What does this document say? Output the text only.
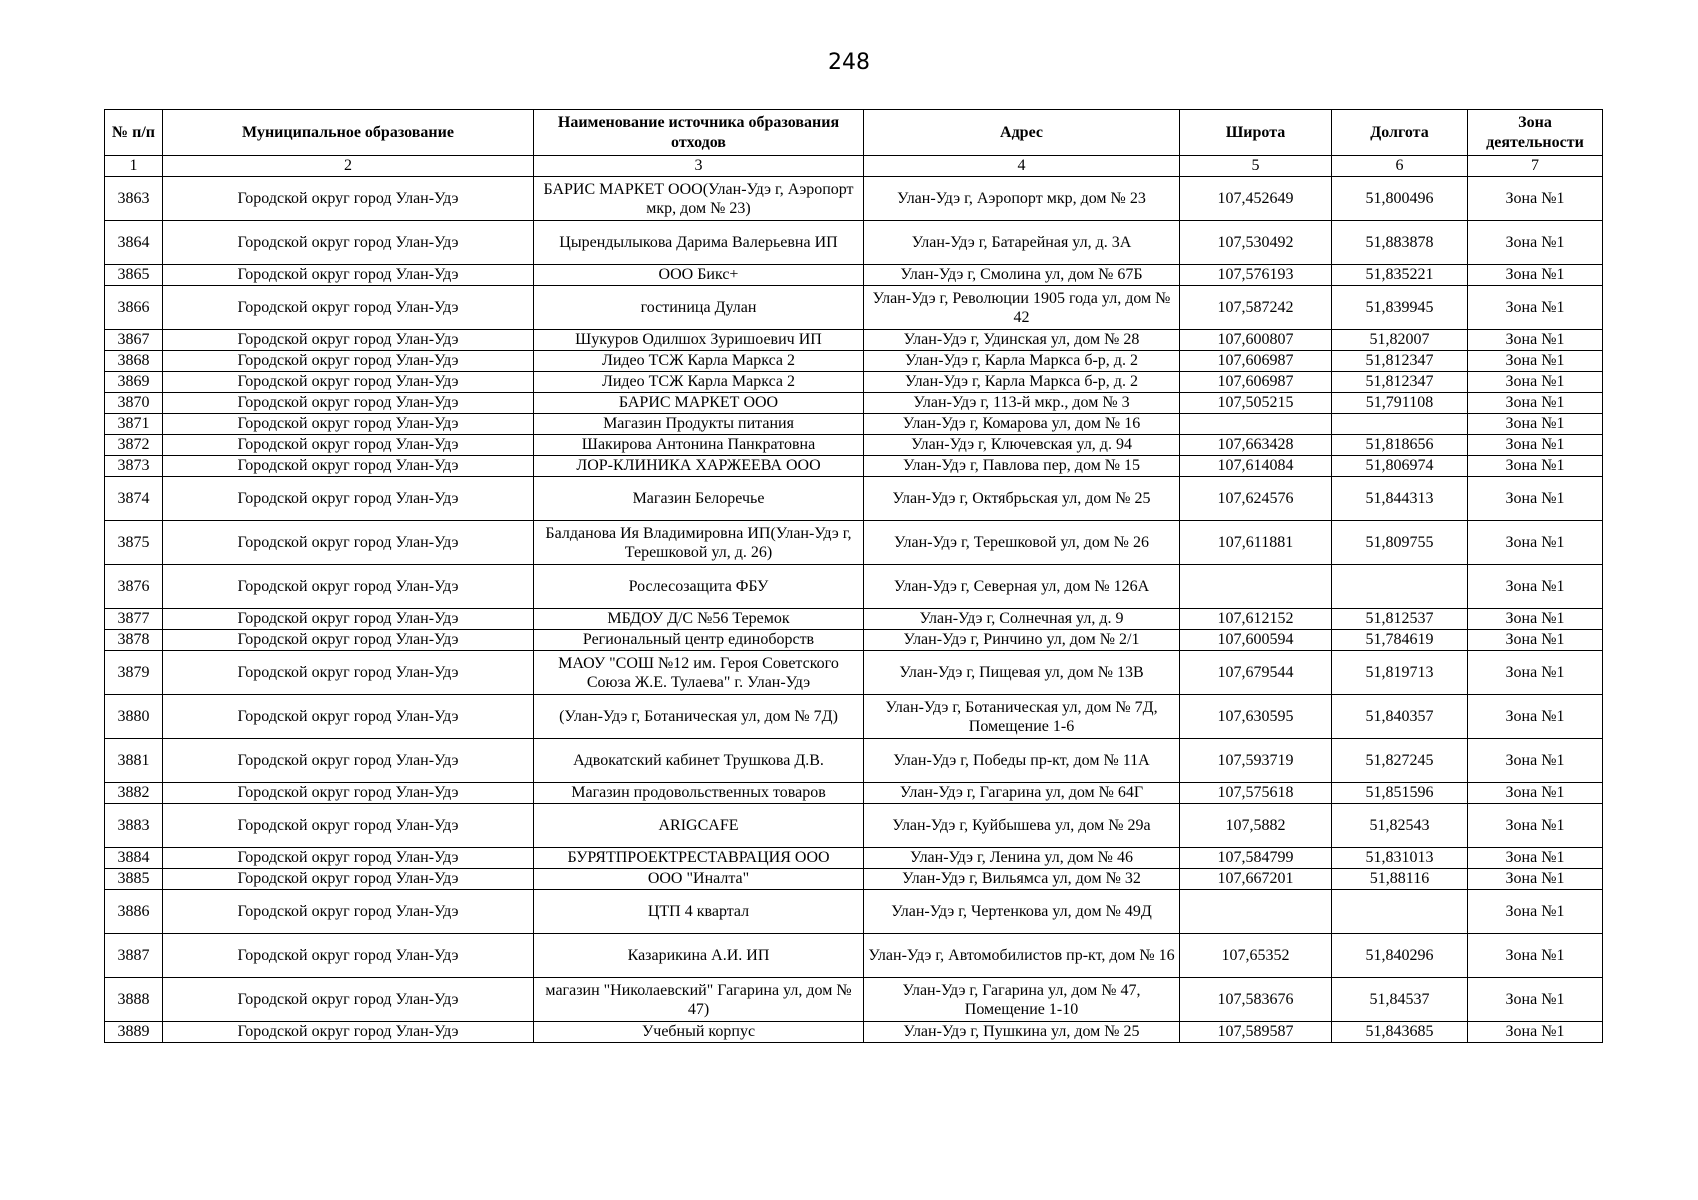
248
№ п/п	Муниципальное образование	Наименование источника образования отходов	Адрес	Широта	Долгота	Зона деятельности
1	2	3	4	5	6	7
3863	Городской округ город Улан-Удэ	БАРИС МАРКЕТ ООО(Улан-Удэ г, Аэропорт мкр, дом № 23)	Улан-Удэ г, Аэропорт мкр, дом № 23	107,452649	51,800496	Зона №1
3864	Городской округ город Улан-Удэ	Цырендылыкова Дарима Валерьевна ИП	Улан-Удэ г, Батарейная ул, д. 3А	107,530492	51,883878	Зона №1
3865	Городской округ город Улан-Удэ	ООО Бикс+	Улан-Удэ г, Смолина ул, дом № 67Б	107,576193	51,835221	Зона №1
3866	Городской округ город Улан-Удэ	гостиница Дулан	Улан-Удэ г, Революции 1905 года ул, дом № 42	107,587242	51,839945	Зона №1
3867	Городской округ город Улан-Удэ	Шукуров Одилшох Зуришоевич ИП	Улан-Удэ г, Удинская ул, дом № 28	107,600807	51,82007	Зона №1
3868	Городской округ город Улан-Удэ	Лидео ТСЖ Карла Маркса 2	Улан-Удэ г, Карла Маркса б-р, д. 2	107,606987	51,812347	Зона №1
3869	Городской округ город Улан-Удэ	Лидео ТСЖ Карла Маркса 2	Улан-Удэ г, Карла Маркса б-р, д. 2	107,606987	51,812347	Зона №1
3870	Городской округ город Улан-Удэ	БАРИС МАРКЕТ ООО	Улан-Удэ г, 113-й мкр., дом № 3	107,505215	51,791108	Зона №1
3871	Городской округ город Улан-Удэ	Магазин Продукты питания	Улан-Удэ г, Комарова ул, дом № 16			Зона №1
3872	Городской округ город Улан-Удэ	Шакирова Антонина Панкратовна	Улан-Удэ г, Ключевская ул, д. 94	107,663428	51,818656	Зона №1
3873	Городской округ город Улан-Удэ	ЛОР-КЛИНИКА ХАРЖЕЕВА ООО	Улан-Удэ г, Павлова пер, дом № 15	107,614084	51,806974	Зона №1
3874	Городской округ город Улан-Удэ	Магазин Белоречье	Улан-Удэ г, Октябрьская ул, дом № 25	107,624576	51,844313	Зона №1
3875	Городской округ город Улан-Удэ	Балданова Ия Владимировна ИП(Улан-Удэ г, Терешковой ул, д. 26)	Улан-Удэ г, Терешковой ул, дом № 26	107,611881	51,809755	Зона №1
3876	Городской округ город Улан-Удэ	Рослесозащита ФБУ	Улан-Удэ г, Северная ул, дом № 126А			Зона №1
3877	Городской округ город Улан-Удэ	МБДОУ Д/С №56 Теремок	Улан-Удэ г, Солнечная ул, д. 9	107,612152	51,812537	Зона №1
3878	Городской округ город Улан-Удэ	Региональный центр единоборств	Улан-Удэ г, Ринчино ул, дом № 2/1	107,600594	51,784619	Зона №1
3879	Городской округ город Улан-Удэ	МАОУ "СОШ №12 им. Героя Советского Союза Ж.Е. Тулаева" г. Улан-Удэ	Улан-Удэ г, Пищевая ул, дом № 13В	107,679544	51,819713	Зона №1
3880	Городской округ город Улан-Удэ	(Улан-Удэ г, Ботаническая ул, дом № 7Д)	Улан-Удэ г, Ботаническая ул, дом № 7Д, Помещение 1-6	107,630595	51,840357	Зона №1
3881	Городской округ город Улан-Удэ	Адвокатский кабинет Трушкова Д.В.	Улан-Удэ г, Победы пр-кт, дом № 11А	107,593719	51,827245	Зона №1
3882	Городской округ город Улан-Удэ	Магазин продовольственных товаров	Улан-Удэ г, Гагарина ул, дом № 64Г	107,575618	51,851596	Зона №1
3883	Городской округ город Улан-Удэ	ARIGCAFE	Улан-Удэ г, Куйбышева ул, дом № 29а	107,5882	51,82543	Зона №1
3884	Городской округ город Улан-Удэ	БУРЯТПРОЕКТРЕСТАВРАЦИЯ ООО	Улан-Удэ г, Ленина ул, дом № 46	107,584799	51,831013	Зона №1
3885	Городской округ город Улан-Удэ	ООО "Иналта"	Улан-Удэ г, Вильямса ул, дом № 32	107,667201	51,88116	Зона №1
3886	Городской округ город Улан-Удэ	ЦТП 4 квартал	Улан-Удэ г, Чертенкова ул, дом № 49Д			Зона №1
3887	Городской округ город Улан-Удэ	Казарикина А.И. ИП	Улан-Удэ г, Автомобилистов пр-кт, дом № 16	107,65352	51,840296	Зона №1
3888	Городской округ город Улан-Удэ	магазин "Николаевский" Гагарина ул, дом № 47)	Улан-Удэ г, Гагарина ул, дом № 47, Помещение 1-10	107,583676	51,84537	Зона №1
3889	Городской округ город Улан-Удэ	Учебный корпус	Улан-Удэ г, Пушкина ул, дом № 25	107,589587	51,843685	Зона №1
